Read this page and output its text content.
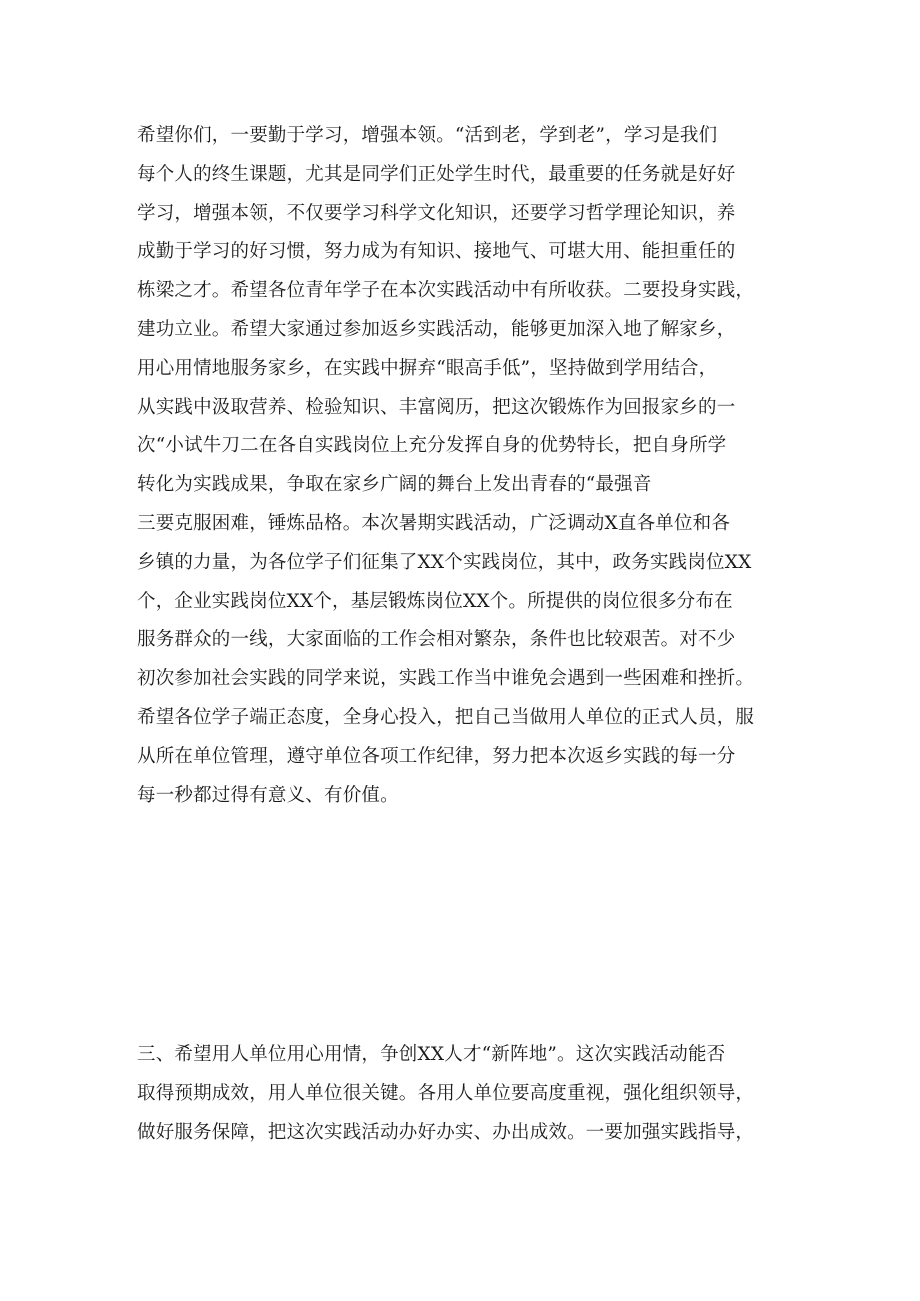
希望你们，一要勤于学习，增强本领。“活到老，学到老”，学习是我们
每个人的终生课题，尤其是同学们正处学生时代，最重要的任务就是好好
学习，增强本领，不仅要学习科学文化知识，还要学习哲学理论知识，养
成勤于学习的好习惯，努力成为有知识、接地气、可堪大用、能担重任的
栋梁之才。希望各位青年学子在本次实践活动中有所收获。二要投身实践，
建功立业。希望大家通过参加返乡实践活动，能够更加深入地了解家乡，
用心用情地服务家乡，在实践中摒弃“眼高手低”，坚持做到学用结合，
从实践中汲取营养、检验知识、丰富阅历，把这次锻炼作为回报家乡的一
次“小试牛刀二在各自实践岗位上充分发挥自身的优势特长，把自身所学
转化为实践成果，争取在家乡广阔的舞台上发出青春的“最强音
三要克服困难，锤炼品格。本次暑期实践活动，广泛调动X直各单位和各
乡镇的力量，为各位学子们征集了XX个实践岗位，其中，政务实践岗位XX
个，企业实践岗位XX个，基层锻炼岗位XX个。所提供的岗位很多分布在
服务群众的一线，大家面临的工作会相对繁杂，条件也比较艰苦。对不少
初次参加社会实践的同学来说，实践工作当中谁免会遇到一些困难和挫折。
希望各位学子端正态度，全身心投入，把自己当做用人单位的正式人员，服
从所在单位管理，遵守单位各项工作纪律，努力把本次返乡实践的每一分
每一秒都过得有意义、有价值。
三、希望用人单位用心用情，争创XX人才“新阵地”。这次实践活动能否
取得预期成效，用人单位很关键。各用人单位要高度重视，强化组织领导，
做好服务保障，把这次实践活动办好办实、办出成效。一要加强实践指导，
